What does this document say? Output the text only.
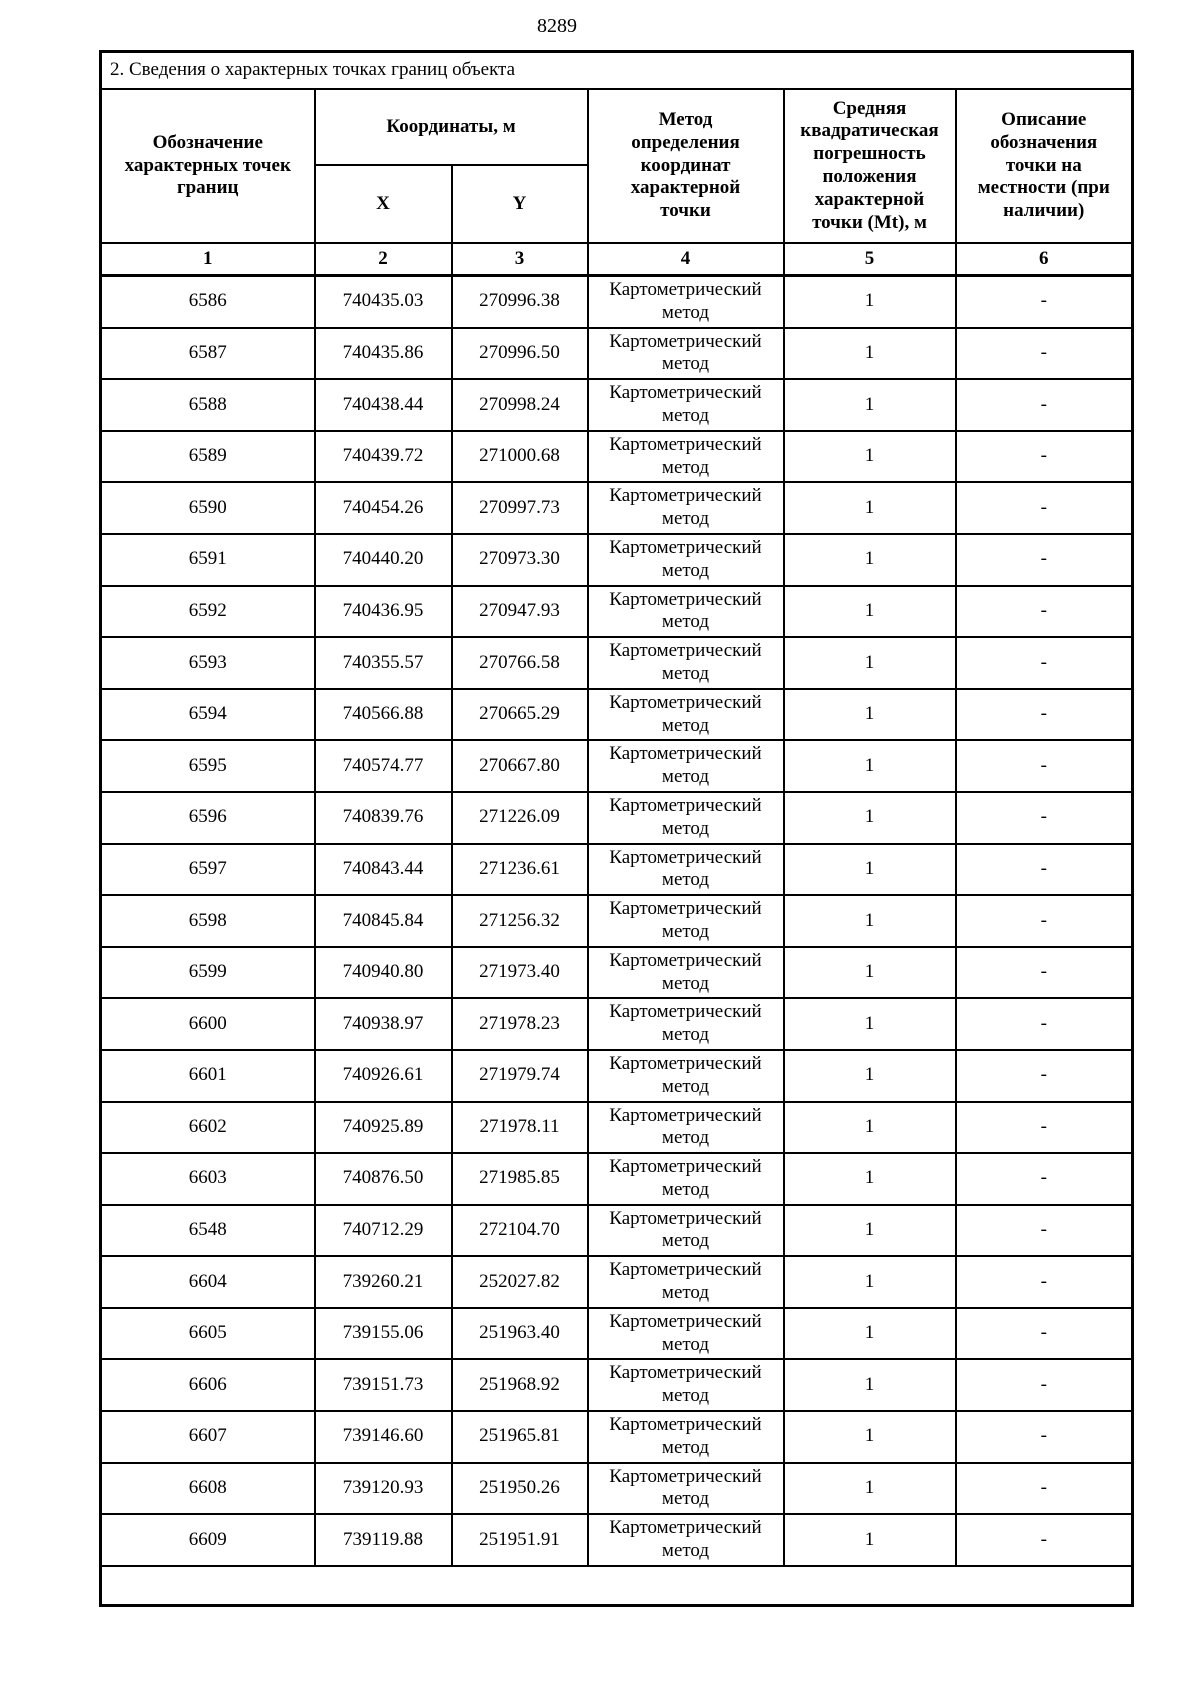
8289
2. Сведения о характерных точках границ объекта					
Обозначение
характерных точек
границ	Координаты, м	Метод
определения
координат
характерной
точки	Средняя
квадратическая
погрешность
положения
характерной
точки (Mt), м	Описание
обозначения
точки на
местности (при
наличии)
	X	Y			
1	2	3	4	5	6
6586	740435.03	270996.38	Картометрический
метод	1	-
6587	740435.86	270996.50	Картометрический
метод	1	-
6588	740438.44	270998.24	Картометрический
метод	1	-
6589	740439.72	271000.68	Картометрический
метод	1	-
6590	740454.26	270997.73	Картометрический
метод	1	-
6591	740440.20	270973.30	Картометрический
метод	1	-
6592	740436.95	270947.93	Картометрический
метод	1	-
6593	740355.57	270766.58	Картометрический
метод	1	-
6594	740566.88	270665.29	Картометрический
метод	1	-
6595	740574.77	270667.80	Картометрический
метод	1	-
6596	740839.76	271226.09	Картометрический
метод	1	-
6597	740843.44	271236.61	Картометрический
метод	1	-
6598	740845.84	271256.32	Картометрический
метод	1	-
6599	740940.80	271973.40	Картометрический
метод	1	-
6600	740938.97	271978.23	Картометрический
метод	1	-
6601	740926.61	271979.74	Картометрический
метод	1	-
6602	740925.89	271978.11	Картометрический
метод	1	-
6603	740876.50	271985.85	Картометрический
метод	1	-
6548	740712.29	272104.70	Картометрический
метод	1	-
6604	739260.21	252027.82	Картометрический
метод	1	-
6605	739155.06	251963.40	Картометрический
метод	1	-
6606	739151.73	251968.92	Картометрический
метод	1	-
6607	739146.60	251965.81	Картометрический
метод	1	-
6608	739120.93	251950.26	Картометрический
метод	1	-
6609	739119.88	251951.91	Картометрический
метод	1	-
